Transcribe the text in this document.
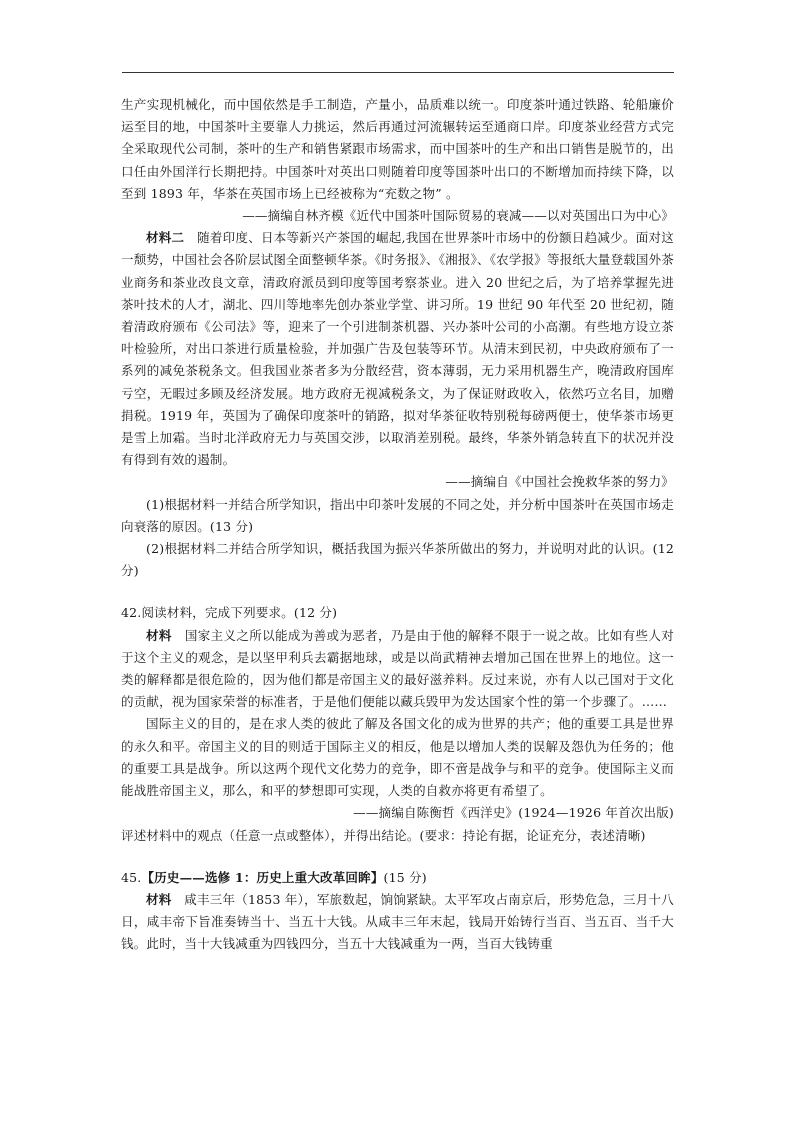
生产实现机械化，而中国依然是手工制造，产量小，品质难以统一。印度茶叶通过铁路、轮船廉价运至目的地，中国茶叶主要靠人力挑运，然后再通过河流辗转运至通商口岸。印度茶业经营方式完全采取现代公司制，茶叶的生产和销售紧跟市场需求，而中国茶叶的生产和出口销售是脱节的，出口任由外国洋行长期把持。中国茶叶对英出口则随着印度等国茶叶出口的不断增加而持续下降，以至到 1893 年，华茶在英国市场上已经被称为“充数之物” 。

——摘编自林齐模《近代中国茶叶国际贸易的衰减——以对英国出口为中心》

材料二 随着印度、日本等新兴产茶国的崛起,我国在世界茶叶市场中的份额日趋减少。面对这一颓势，中国社会各阶层试图全面整顿华茶。《时务报》、《湘报》、《农学报》等报纸大量登载国外茶业商务和茶业改良文章，清政府派员到印度等国考察茶业。进入 20 世纪之后，为了培养掌握先进茶叶技术的人才，湖北、四川等地率先创办茶业学堂、讲习所。19 世纪 90 年代至 20 世纪初，随着清政府颁布《公司法》等，迎来了一个引进制茶机器、兴办茶叶公司的小高潮。有些地方设立茶叶检验所，对出口茶进行质量检验，并加强广告及包装等环节。从清末到民初，中央政府颁布了一系列的减免茶税条文。但我国业茶者多为分散经营，资本薄弱，无力采用机器生产，晚清政府国库亏空，无暇过多顾及经济发展。地方政府无视减税条文，为了保证财政收入，依然巧立名目，加赠捐税。1919 年，英国为了确保印度茶叶的销路，拟对华茶征收特别税每磅两便士，使华茶市场更是雪上加霜。当时北洋政府无力与英国交涉，以取消差别税。最终，华茶外销急转直下的状况并没有得到有效的遏制。

——摘编自《中国社会挽救华茶的努力》

(1)根据材料一并结合所学知识，指出中印茶叶发展的不同之处，并分析中国茶叶在英国市场走向衰落的原因。(13 分)

(2)根据材料二并结合所学知识，概括我国为振兴华茶所做出的努力，并说明对此的认识。(12 分)

42.阅读材料，完成下列要求。(12 分)

材料 国家主义之所以能成为善或为恶者，乃是由于他的解释不限于一说之故。比如有些人对于这个主义的观念，是以坚甲利兵去霸据地球，或是以尚武精神去增加己国在世界上的地位。这一类的解释都是很危险的，因为他们都是帝国主义的最好滋养料。反过来说，亦有人以己国对于文化的贡献，视为国家荣誉的标准者，于是他们便能以藏兵毁甲为发达国家个性的第一个步骤了。……

国际主义的目的，是在求人类的彼此了解及各国文化的成为世界的共产；他的重要工具是世界的永久和平。帝国主义的目的则适于国际主义的相反，他是以增加人类的误解及怨仇为任务的；他的重要工具是战争。所以这两个现代文化势力的竞争，即不啻是战争与和平的竞争。使国际主义而能战胜帝国主义，那么，和平的梦想即可实现，人类的自救亦将更有希望了。

——摘编自陈衡哲《西洋史》(1924—1926 年首次出版)

评述材料中的观点（任意一点或整体），并得出结论。(要求：持论有据，论证充分，表述清晰)

45.【历史——选修 1：历史上重大改革回眸】(15 分)

材料 咸丰三年（1853 年），军旅数起，饷饷紧缺。太平军攻占南京后，形势危急，三月十八日，咸丰帝下旨准奏铸当十、当五十大钱。从咸丰三年末起，钱局开始铸行当百、当五百、当千大钱。此时，当十大钱减重为四钱四分，当五十大钱减重为一两，当百大钱铸重
